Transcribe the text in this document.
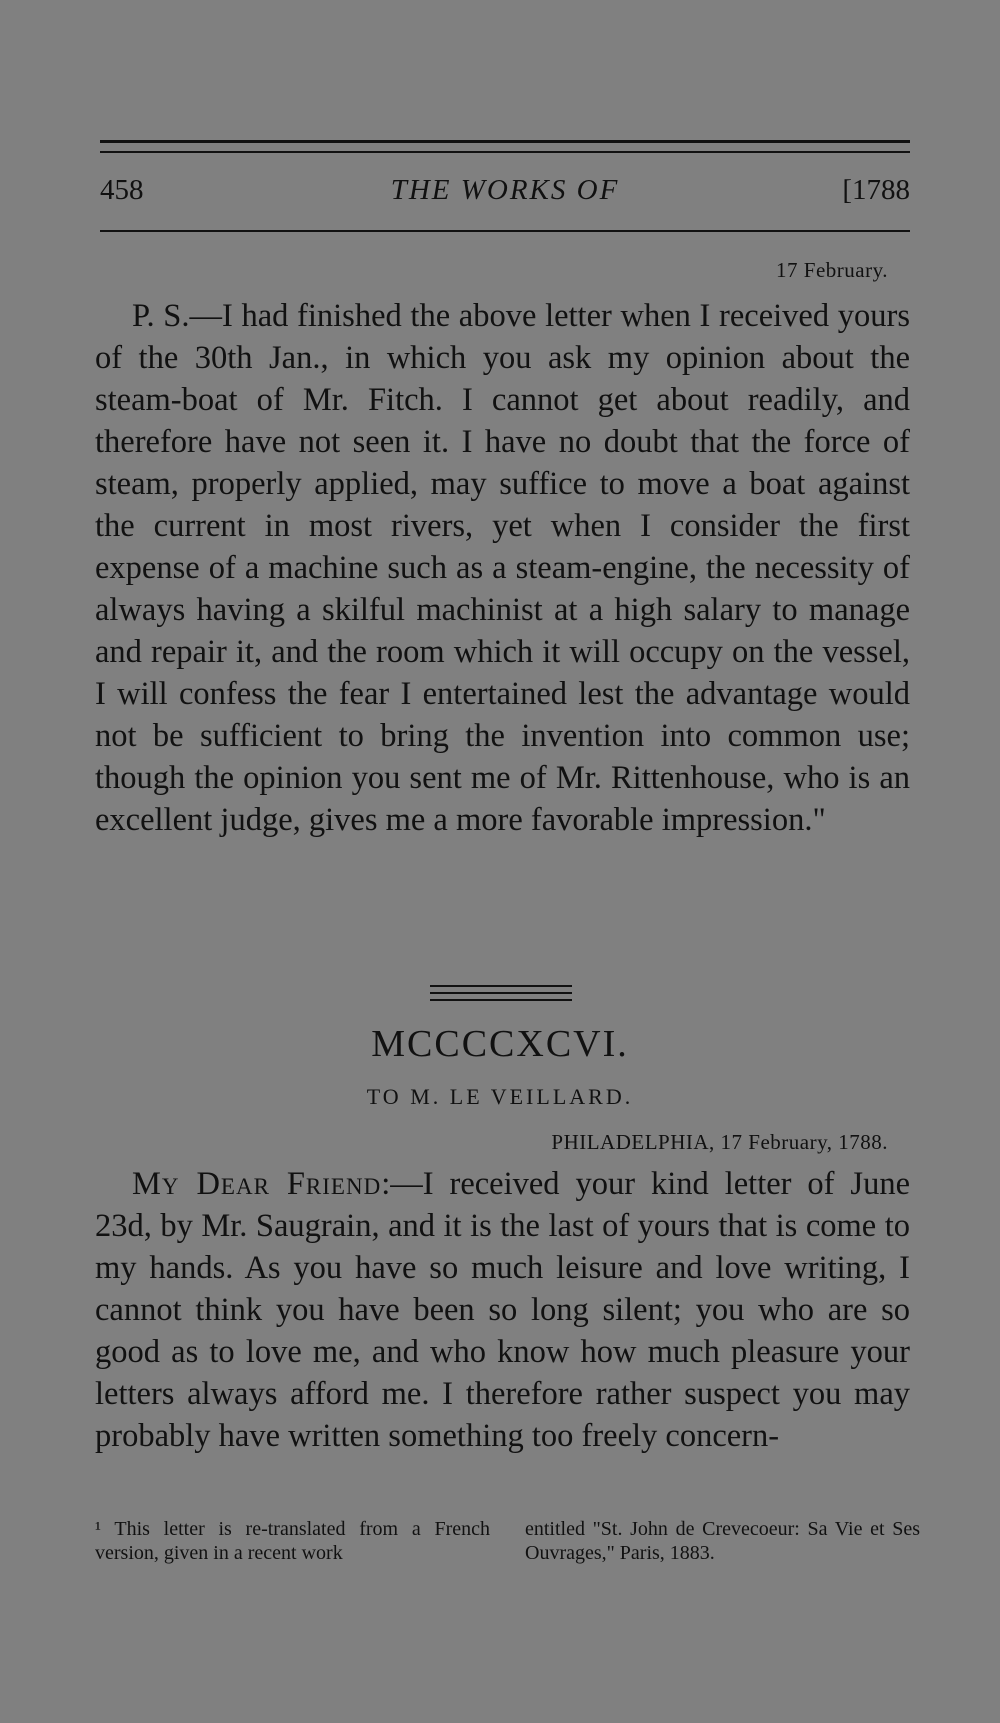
458	THE WORKS OF	[1788
17 February.
P. S.—I had finished the above letter when I received yours of the 30th Jan., in which you ask my opinion about the steam-boat of Mr. Fitch. I cannot get about readily, and therefore have not seen it. I have no doubt that the force of steam, properly applied, may suffice to move a boat against the current in most rivers, yet when I consider the first expense of a machine such as a steam-engine, the necessity of always having a skilful machinist at a high salary to manage and repair it, and the room which it will occupy on the vessel, I will confess the fear I entertained lest the advantage would not be sufficient to bring the invention into common use; though the opinion you sent me of Mr. Rittenhouse, who is an excellent judge, gives me a more favorable impression."
MCCCCXCVI.
TO M. LE VEILLARD.
PHILADELPHIA, 17 February, 1788.
My Dear Friend:—I received your kind letter of June 23d, by Mr. Saugrain, and it is the last of yours that is come to my hands. As you have so much leisure and love writing, I cannot think you have been so long silent; you who are so good as to love me, and who know how much pleasure your letters always afford me. I therefore rather suspect you may probably have written something too freely concern-
¹ This letter is re-translated from a French version, given in a recent work
entitled "St. John de Crevecoeur: Sa Vie et Ses Ouvrages," Paris, 1883.
